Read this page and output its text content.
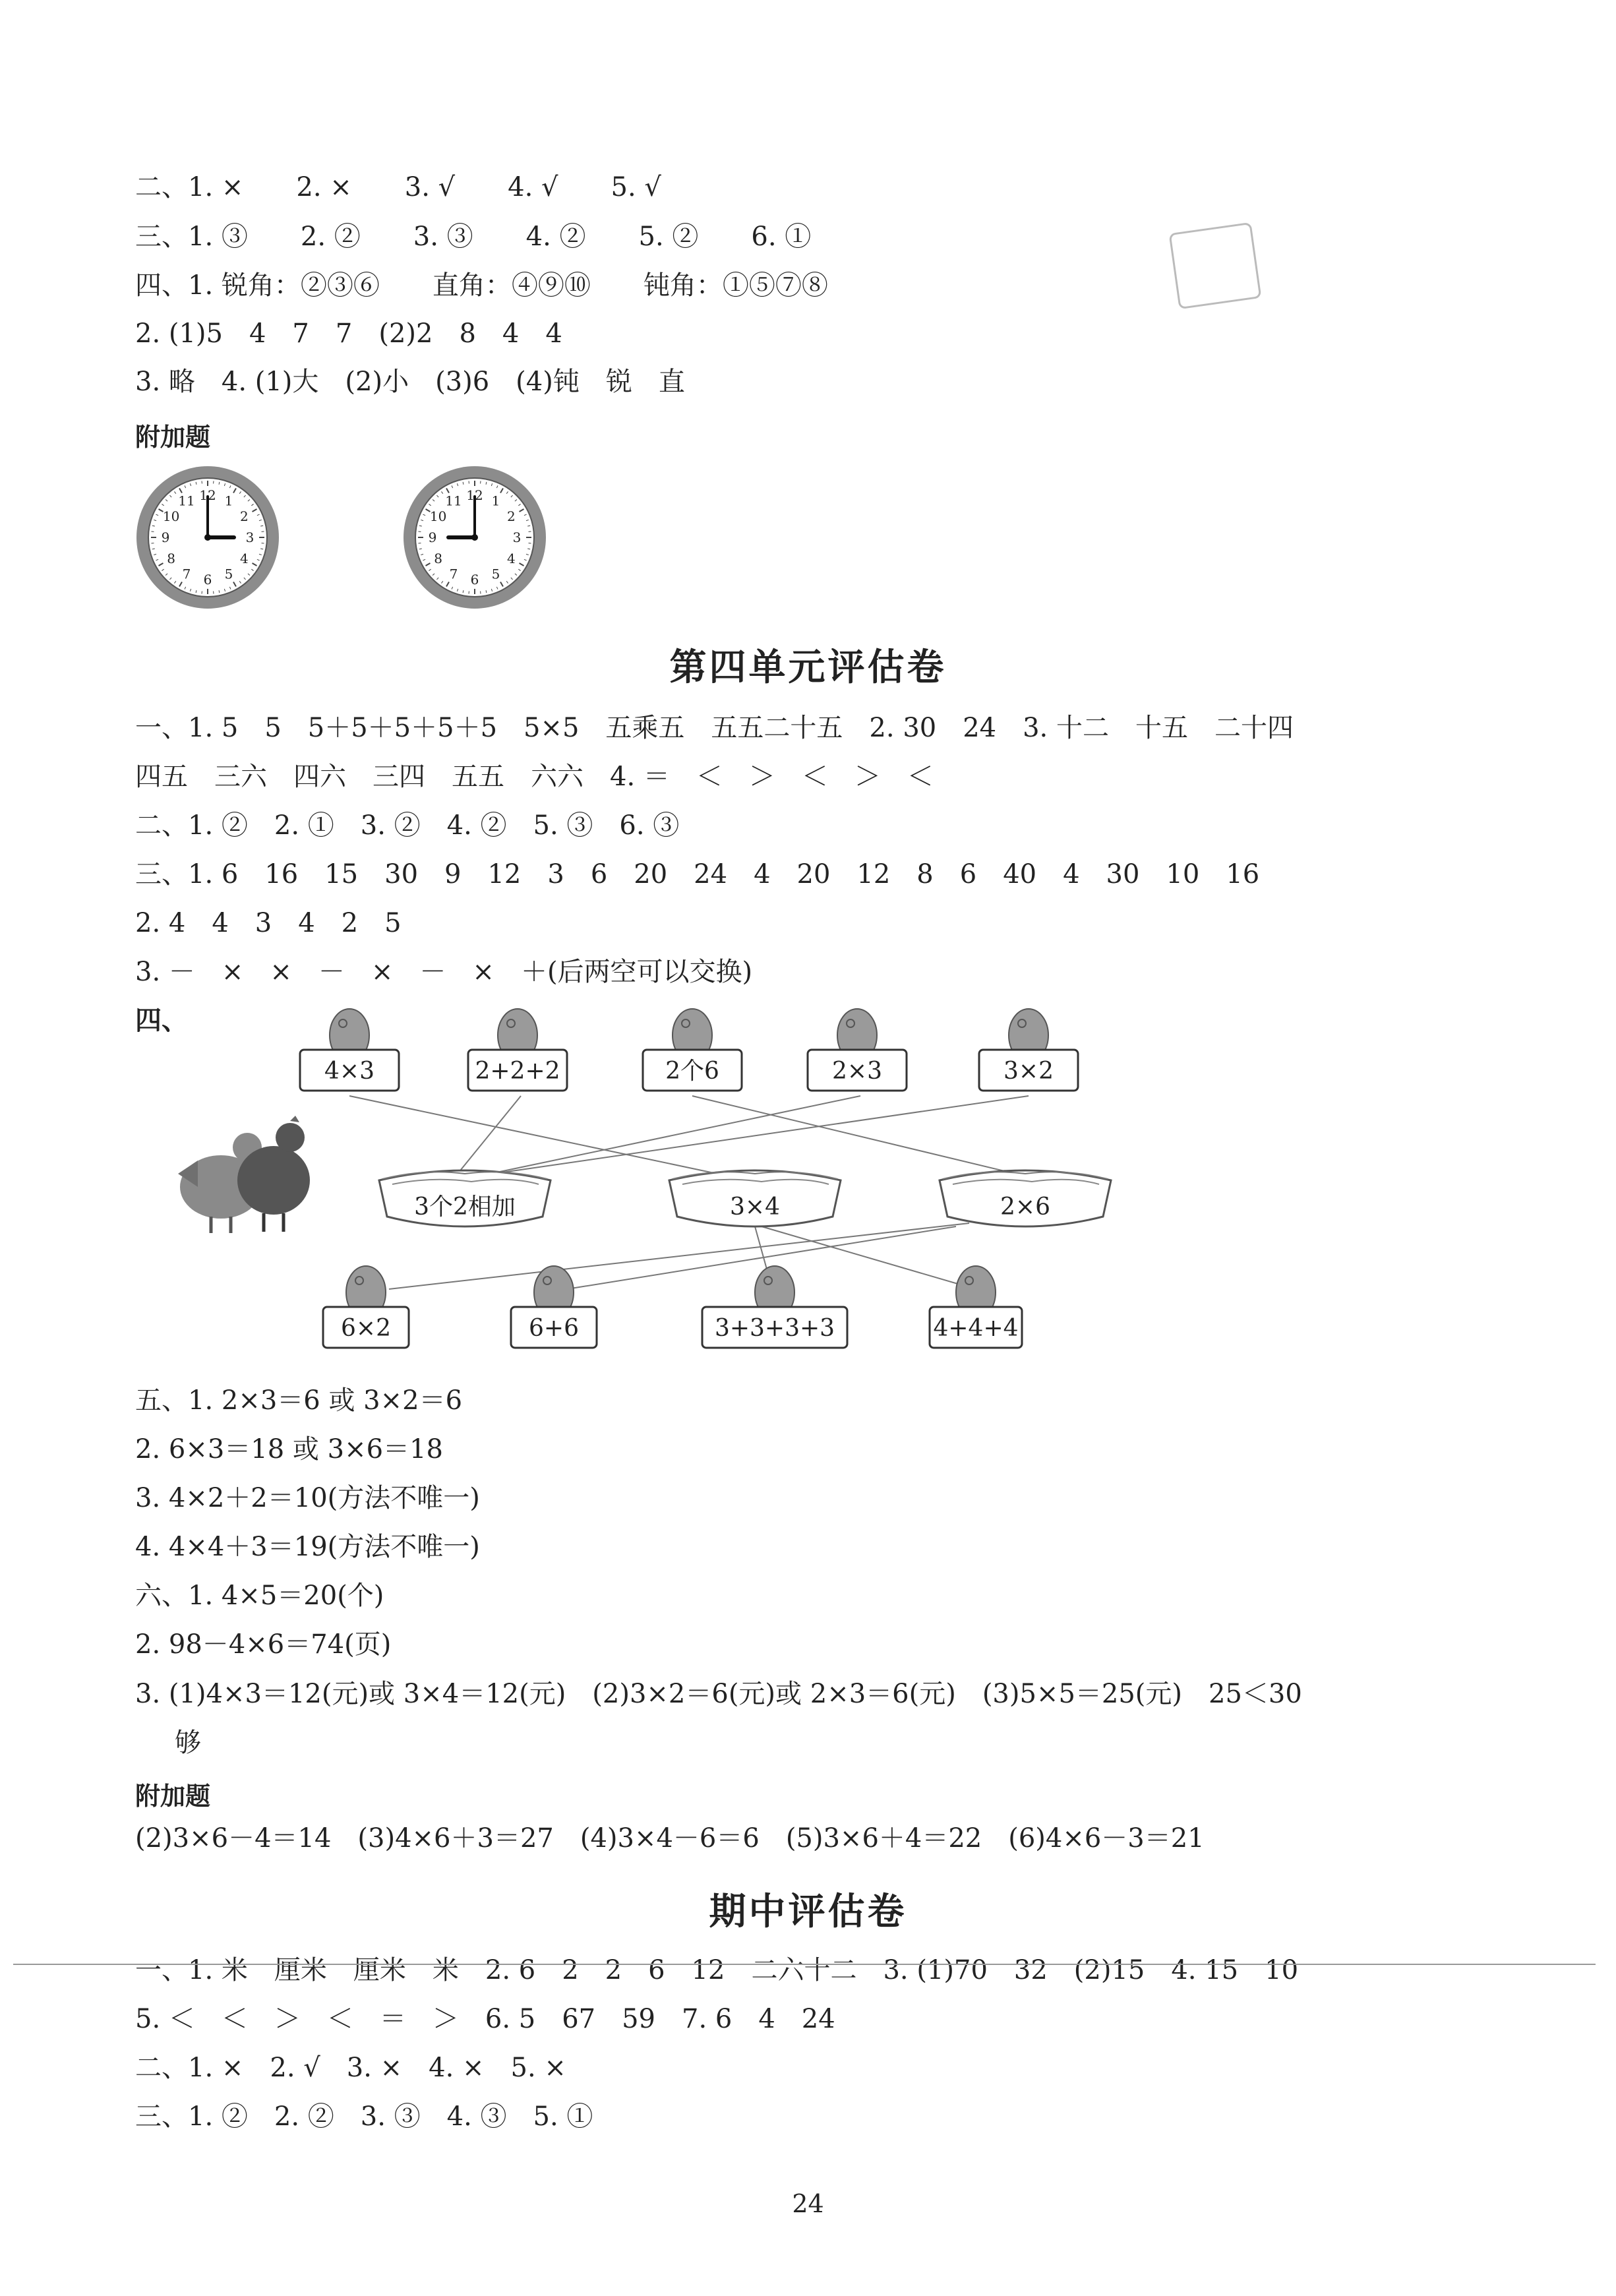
二、1. ×　　2. ×　　3. √　　4. √　　5. √
三、1. ③　　2. ②　　3. ③　　4. ②　　5. ②　　6. ①
四、1. 锐角：②③⑥　　直角：④⑨⑩　　钝角：①⑤⑦⑧
2. (1)5　4　7　7　(2)2　8　4　4
3. 略　4. (1)大　(2)小　(3)6　(4)钝　锐　直
附加题
12 1
2
3
4
5
6
7
8
9
10
11	12 1
2
3
4
5
6
7
8
9
10
11
第四单元评估卷
一、1. 5　5　5＋5＋5＋5＋5　5×5　五乘五　五五二十五　2. 30　24　3. 十二　十五　二十四
四五　三六　四六　三四　五五　六六　4. ＝　＜　＞　＜　＞　＜
二、1. ②　2. ①　3. ②　4. ②　5. ③　6. ③
三、1. 6　16　15　30　9　12　3　6　20　24　4　20　12　8　6　40　4　30　10　16
2. 4　4　3　4　2　5
3. －　×　×　－　×　－　×　＋(后两空可以交换)
四、
4×3	2+2+2	2个6	2×3	3×2
3个2相加	3×4	2×6
6×2	6+6	3+3+3+3	4+4+4
五、1. 2×3＝6 或 3×2＝6
2. 6×3＝18 或 3×6＝18
3. 4×2＋2＝10(方法不唯一)
4. 4×4＋3＝19(方法不唯一)
六、1. 4×5＝20(个)
2. 98－4×6＝74(页)
3. (1)4×3＝12(元)或 3×4＝12(元)　(2)3×2＝6(元)或 2×3＝6(元)　(3)5×5＝25(元)　25＜30
够
附加题
(2)3×6－4＝14　(3)4×6＋3＝27　(4)3×4－6＝6　(5)3×6＋4＝22　(6)4×6－3＝21
期中评估卷
一、1. 米　厘米　厘米　米　2. 6　2　2　6　12　二六十二　3. (1)70　32　(2)15　4. 15　10
5. ＜　＜　＞　＜　＝　＞　6. 5　67　59　7. 6　4　24
二、1. ×　2. √　3. ×　4. ×　5. ×
三、1. ②　2. ②　3. ③　4. ③　5. ①
24
